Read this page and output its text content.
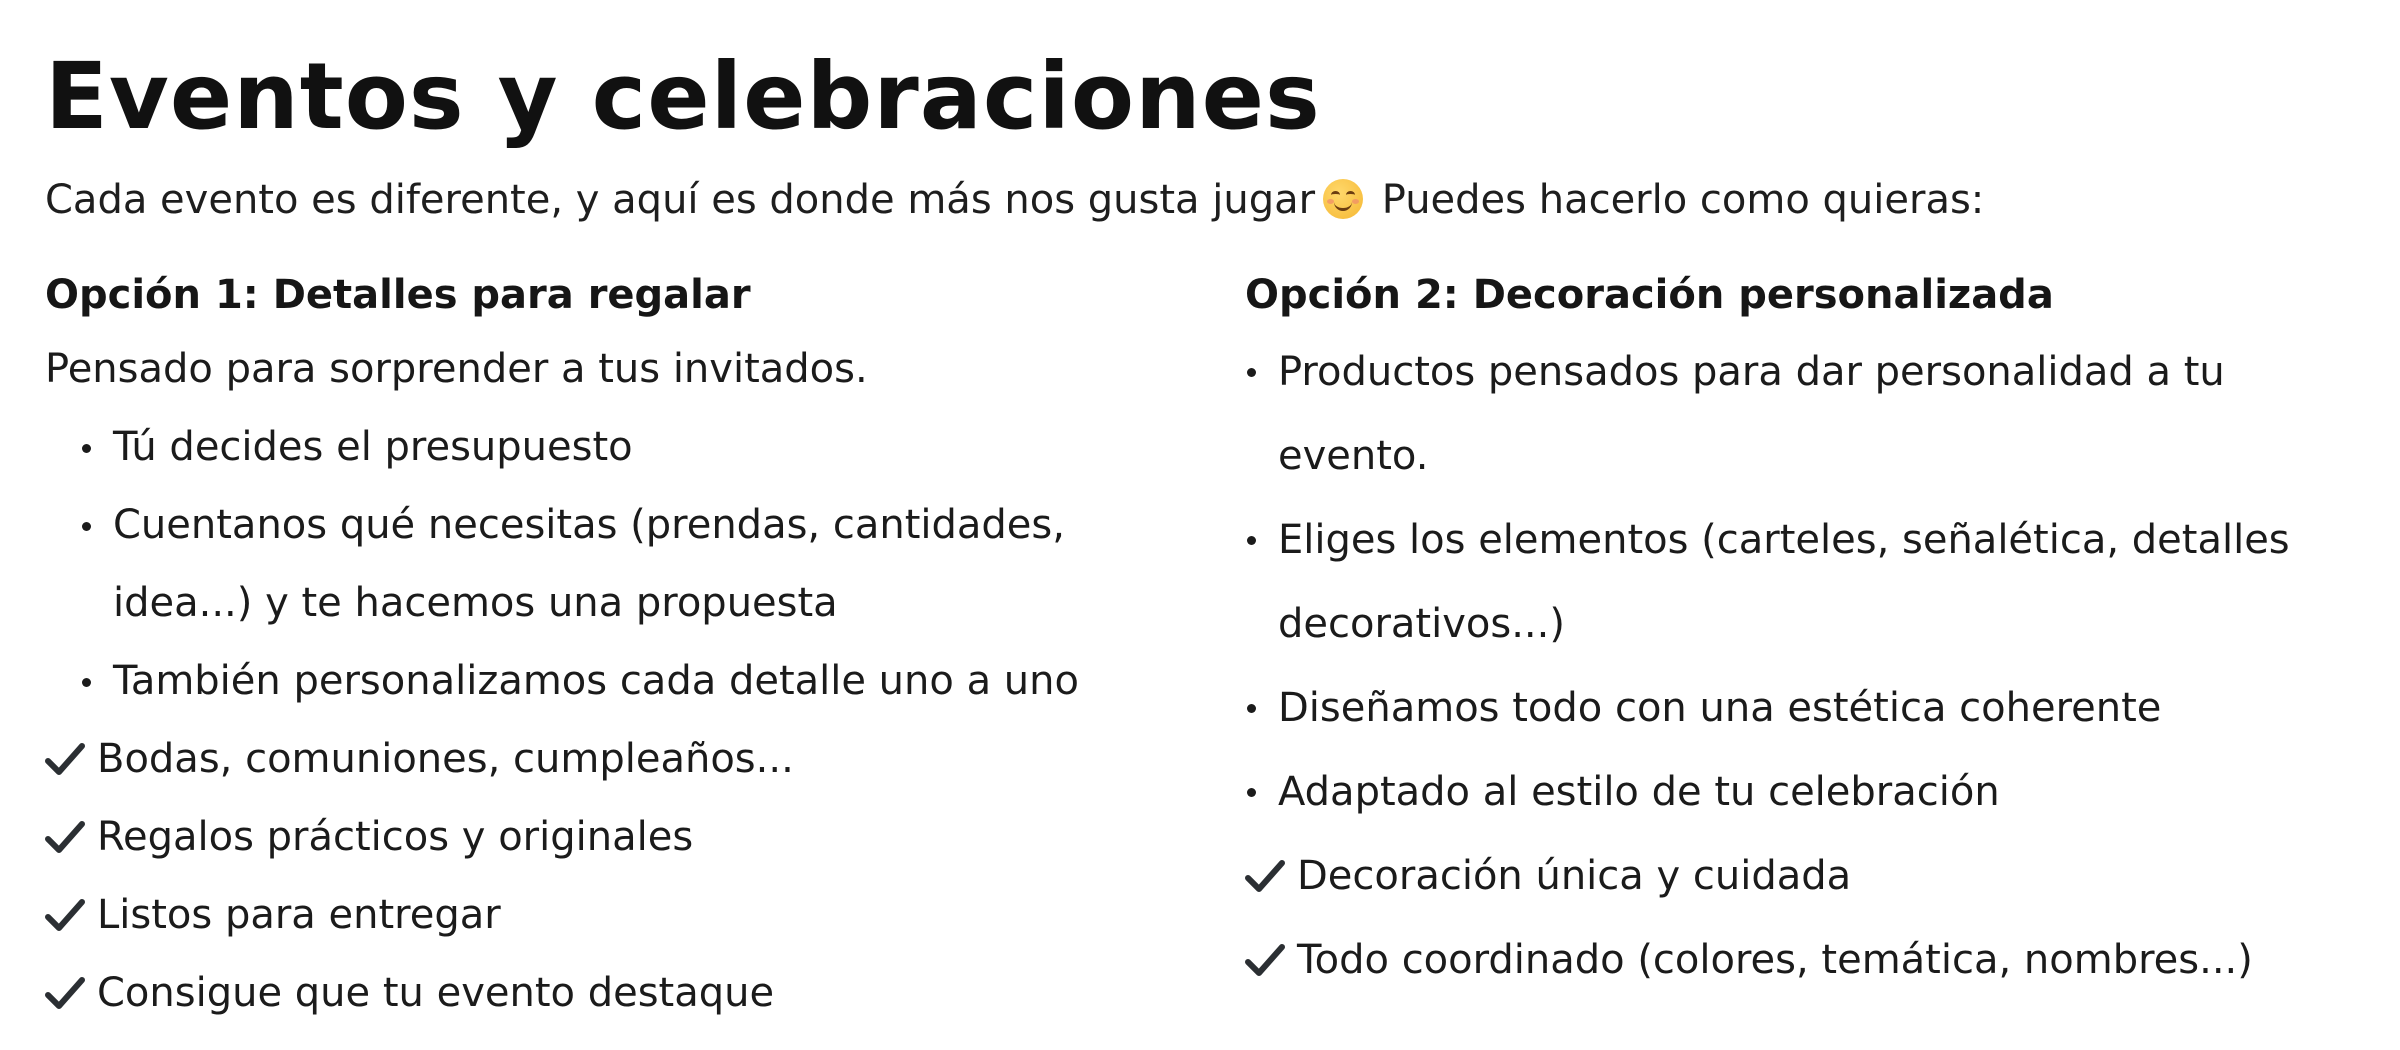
Eventos y celebraciones
Cada evento es diferente, y aquí es donde más nos gusta jugar Puedes hacerlo como quieras:
Opción 1: Detalles para regalar

Pensado para sorprender a tus invitados.

Tú decides el presupuesto
Cuentanos qué necesitas (prendas, cantidades, idea...) y te hacemos una propuesta
También personalizamos cada detalle uno a uno
Bodas, comuniones, cumpleaños...
Regalos prácticos y originales
Listos para entregar
Consigue que tu evento destaque
Opción 2: Decoración personalizada
Productos pensados para dar personalidad a tu evento.
Eliges los elementos (carteles, señalética, detalles decorativos...)
Diseñamos todo con una estética coherente
Adaptado al estilo de tu celebración
Decoración única y cuidada
Todo coordinado (colores, temática, nombres...)
